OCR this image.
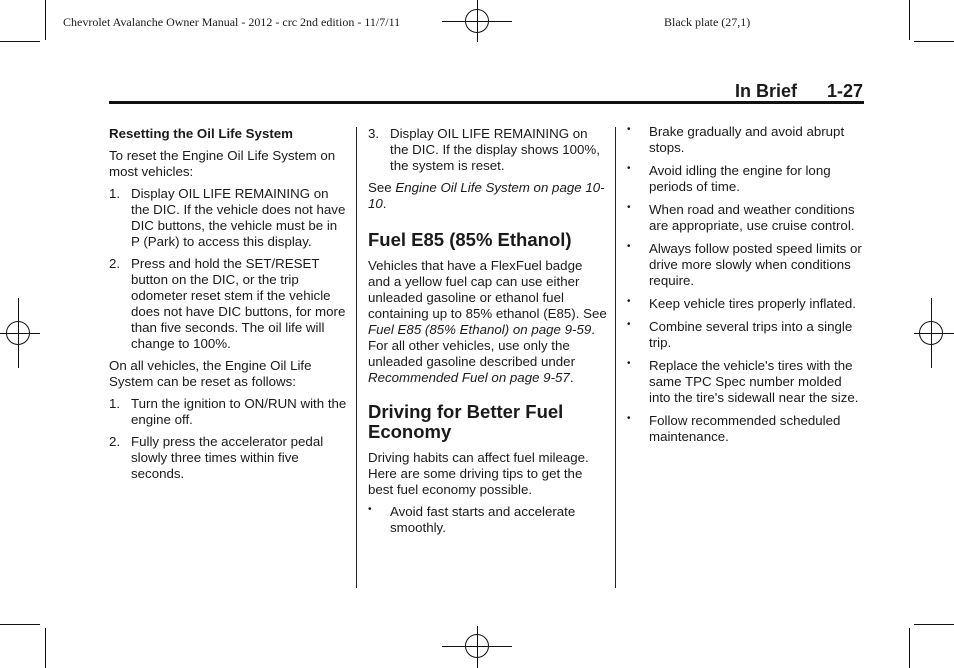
Chevrolet Avalanche Owner Manual - 2012 - crc 2nd edition - 11/7/11	Black plate (27,1)
In Brief 1-27
Resetting the Oil Life System

To reset the Engine Oil Life System on most vehicles:

1. Display OIL LIFE REMAINING on the DIC. If the vehicle does not have DIC buttons, the vehicle must be in P (Park) to access this display.
2. Press and hold the SET/RESET button on the DIC, or the trip odometer reset stem if the vehicle does not have DIC buttons, for more than five seconds. The oil life will change to 100%.

On all vehicles, the Engine Oil Life System can be reset as follows:

1. Turn the ignition to ON/RUN with the engine off.
2. Fully press the accelerator pedal slowly three times within five seconds.
3. Display OIL LIFE REMAINING on the DIC. If the display shows 100%, the system is reset.

See Engine Oil Life System on page 10-10.

Fuel E85 (85% Ethanol)

Vehicles that have a FlexFuel badge and a yellow fuel cap can use either unleaded gasoline or ethanol fuel containing up to 85% ethanol (E85). See Fuel E85 (85% Ethanol) on page 9-59. For all other vehicles, use only the unleaded gasoline described under Recommended Fuel on page 9-57.

Driving for Better Fuel Economy

Driving habits can affect fuel mileage. Here are some driving tips to get the best fuel economy possible.

•	Avoid fast starts and accelerate smoothly.
•	Brake gradually and avoid abrupt stops.
•	Avoid idling the engine for long periods of time.
•	When road and weather conditions are appropriate, use cruise control.
•	Always follow posted speed limits or drive more slowly when conditions require.
•	Keep vehicle tires properly inflated.
•	Combine several trips into a single trip.
•	Replace the vehicle's tires with the same TPC Spec number molded into the tire's sidewall near the size.
•	Follow recommended scheduled maintenance.
